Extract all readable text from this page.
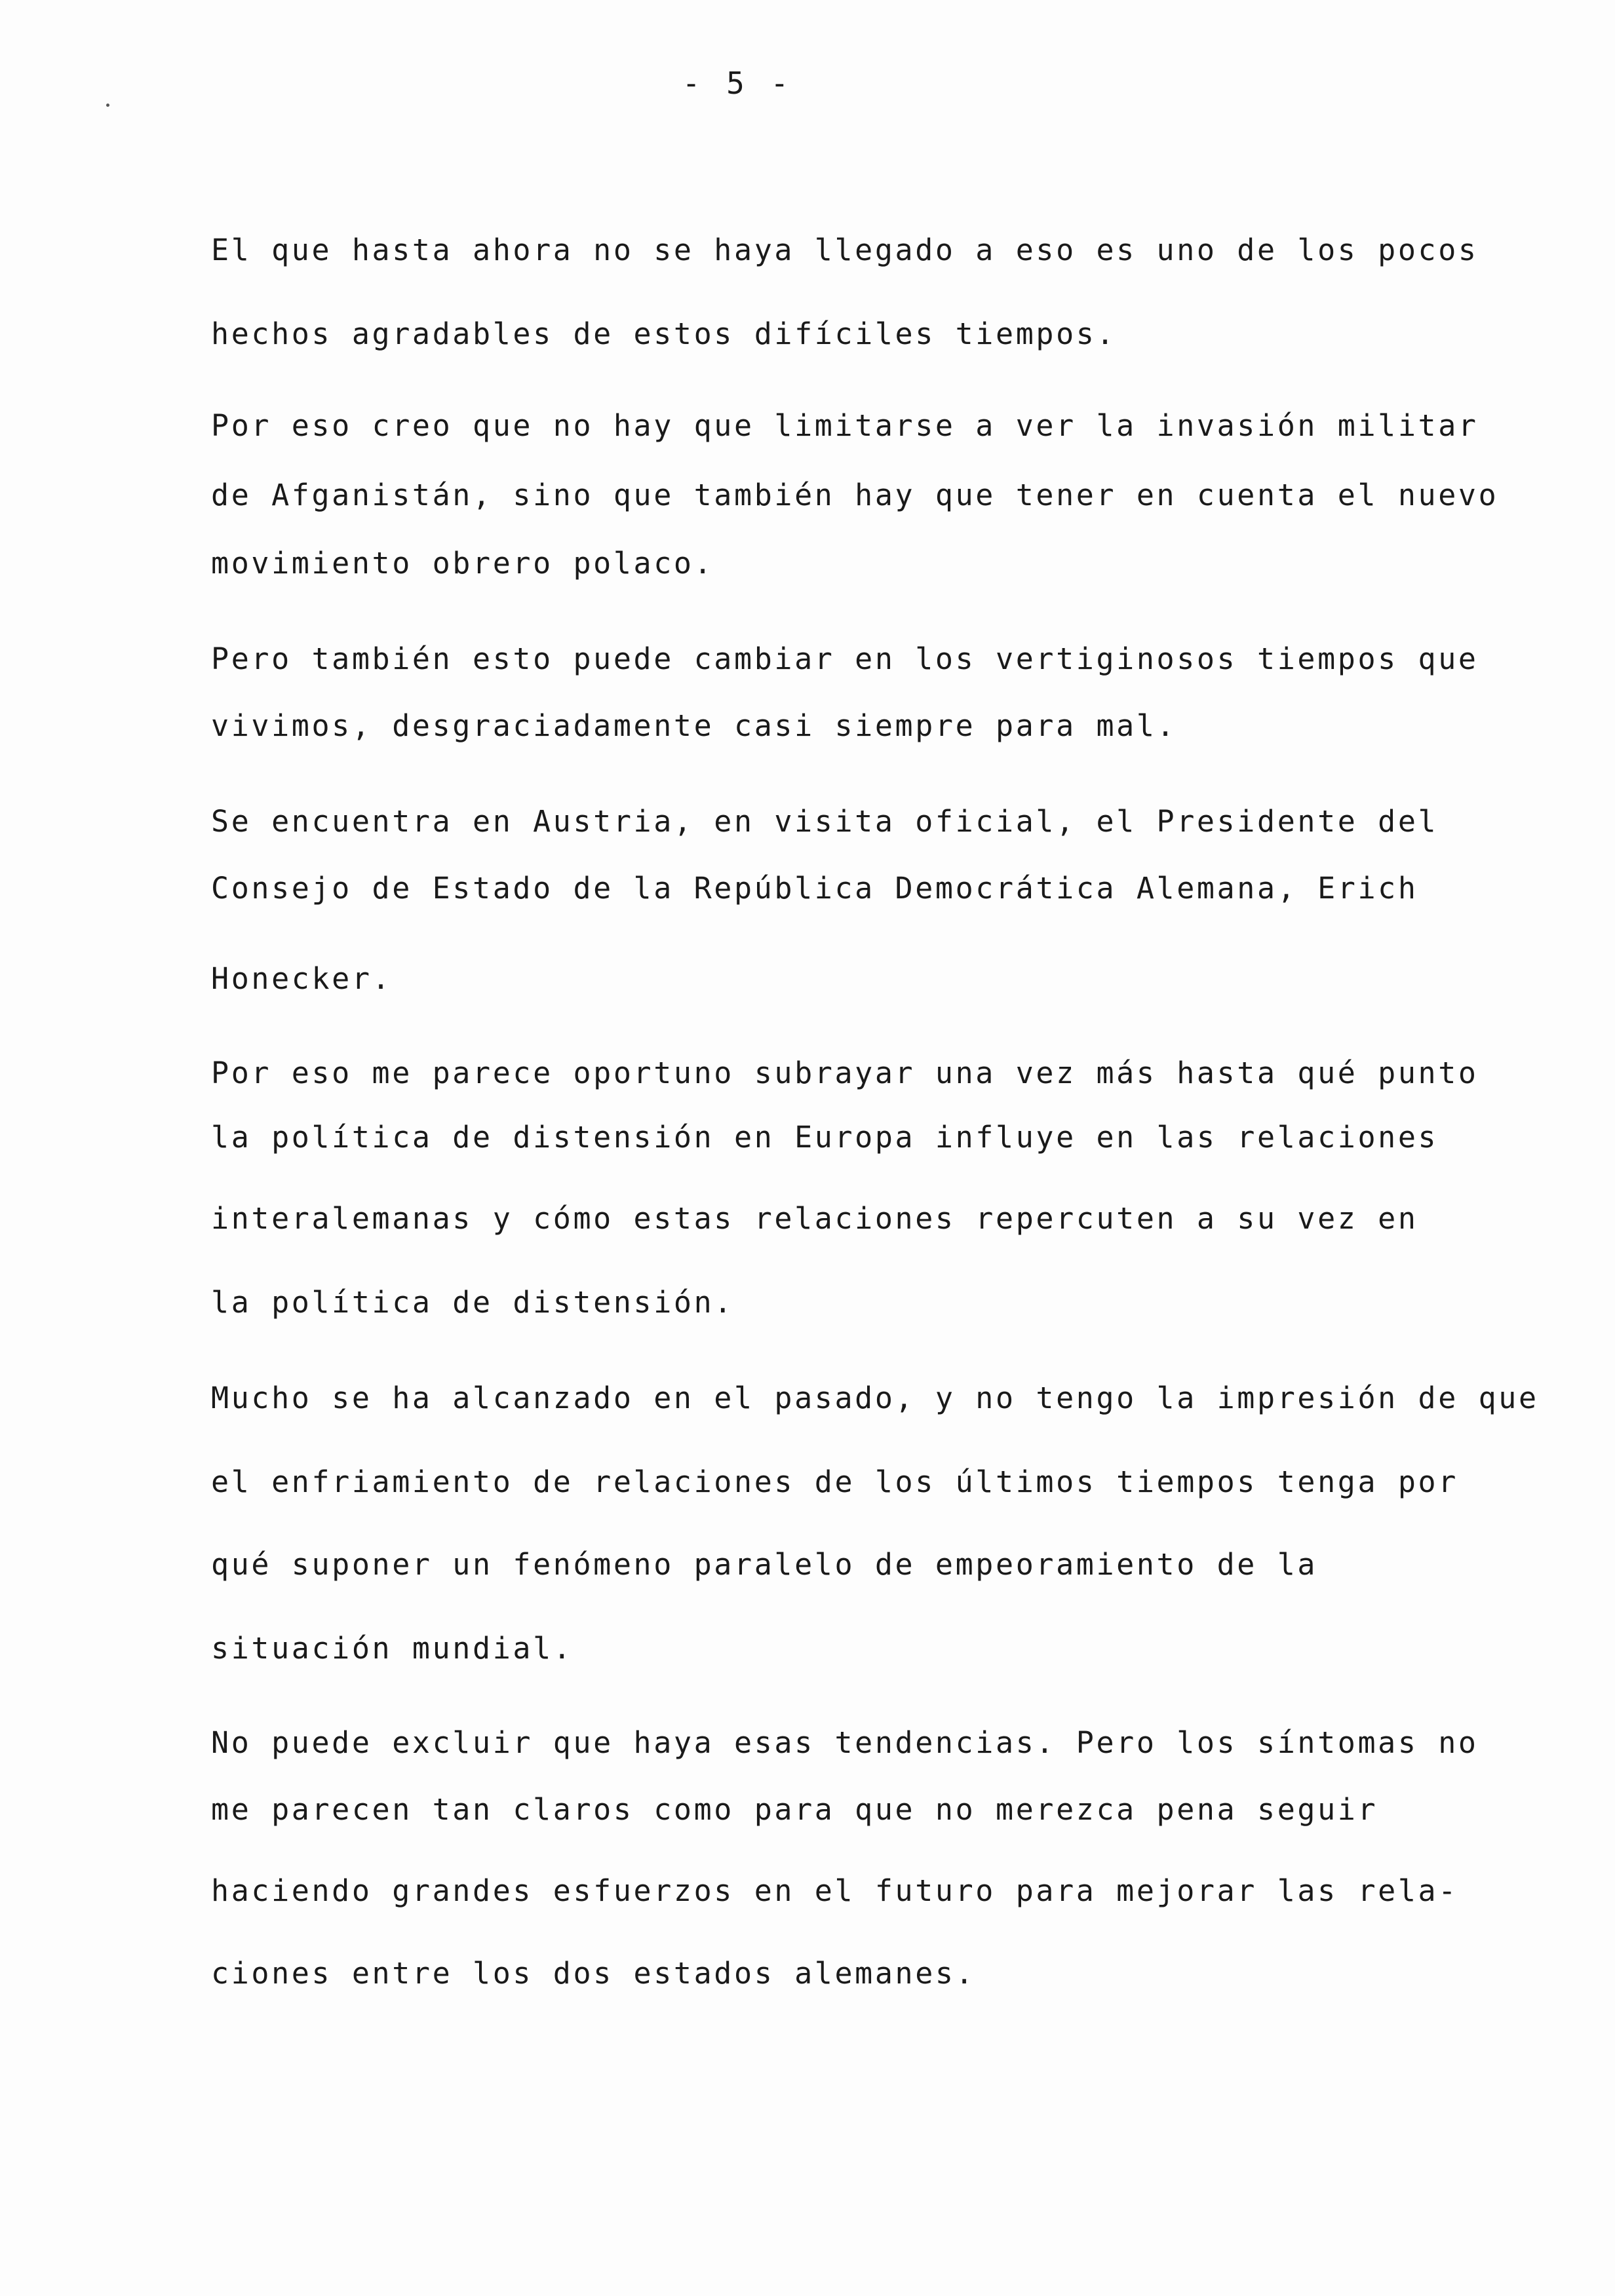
- 5 -

El que hasta ahora no se haya llegado a eso es uno de los pocos

hechos agradables de estos difíciles tiempos.

Por eso creo que no hay que limitarse a ver la invasión militar

de Afganistán, sino que también hay que tener en cuenta el nuevo

movimiento obrero polaco.

Pero también esto puede cambiar en los vertiginosos tiempos que

vivimos, desgraciadamente casi siempre para mal.

Se encuentra en Austria, en visita oficial, el Presidente del

Consejo de Estado de la República Democrática Alemana, Erich

Honecker.

Por eso me parece oportuno subrayar una vez más hasta qué punto

la política de distensión en Europa influye en las relaciones

interalemanas y cómo estas relaciones repercuten a su vez en

la política de distensión.

Mucho se ha alcanzado en el pasado, y no tengo la impresión de que

el enfriamiento de relaciones de los últimos tiempos tenga por

qué suponer un fenómeno paralelo de empeoramiento de la

situación mundial.

No puede excluir que haya esas tendencias. Pero los síntomas no

me parecen tan claros como para que no merezca pena seguir

haciendo grandes esfuerzos en el futuro para mejorar las rela-

ciones entre los dos estados alemanes.
